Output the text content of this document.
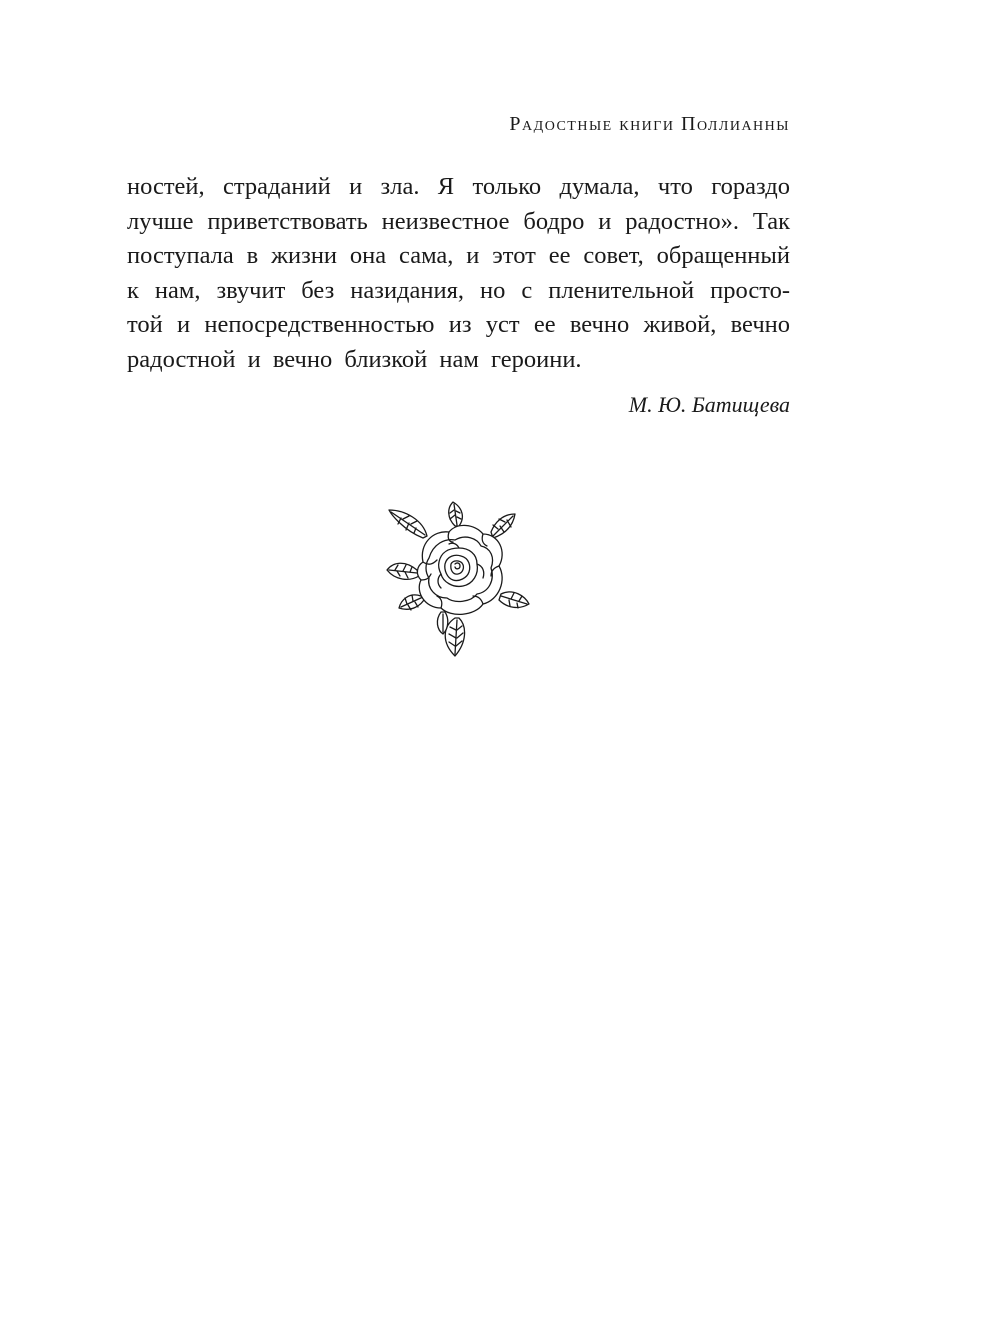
Радостные книги Поллианны
ностей, страданий и зла. Я только думала, что гораздо
лучше приветствовать неизвестное бодро и радостно». Так
поступала в жизни она сама, и этот ее совет, обращенный
к нам, звучит без назидания, но с пленительной просто-
той и непосредственностью из уст ее вечно живой, вечно
радостной и вечно близкой нам героини.
М. Ю. Батищева
